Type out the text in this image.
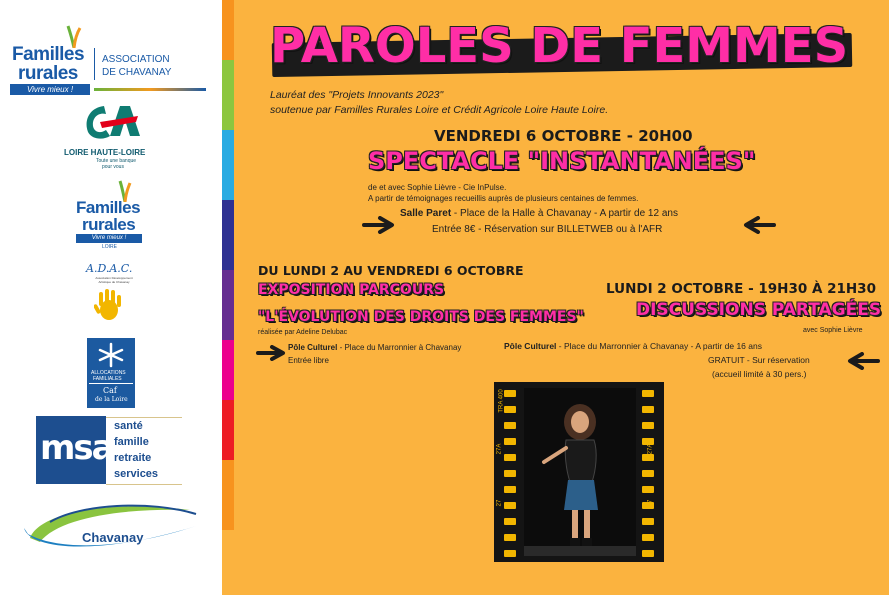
Familles
rurales
Vivre mieux !
ASSOCIATION
DE CHAVANAY
LOIRE HAUTE-LOIRE
Toute une banque
pour vous
Familles
rurales
Vivre mieux !
LOIRE
A.D.A.C.
Association Développement Artistique de Chavanay
ALLOCATIONS
FAMILIALES
Caf
de la Loire
msa
santé
famille
retraite
services
Chavanay
PAROLES DE FEMMES
Lauréat des "Projets Innovants 2023"
soutenue par Familles Rurales Loire et Crédit Agricole Loire Haute Loire.
VENDREDI 6 OCTOBRE - 20H00
SPECTACLE "INSTANTANÉES"
de et avec Sophie Lièvre - Cie InPulse.
A partir de témoignages recueillis auprès de plusieurs centaines de femmes.
Salle Paret - Place de la Halle à Chavanay - A partir de 12 ans
Entrée 8€ - Réservation sur BILLETWEB ou à l'AFR
DU LUNDI 2 AU VENDREDI 6 OCTOBRE
EXPOSITION PARCOURS
"L'ÉVOLUTION DES DROITS DES FEMMES"
réalisée par Adeline Delubac
Pôle Culturel - Place du Marronnier à Chavanay
Entrée libre
LUNDI 2 OCTOBRE - 19H30 À 21H30
DISCUSSIONS PARTAGÉES
avec Sophie Lièvre
Pôle Culturel - Place du Marronnier à Chavanay - A partir de 16 ans
GRATUIT - Sur réservation
(accueil limité à 30 pers.)
TRA 400
27A
27
27A
27
